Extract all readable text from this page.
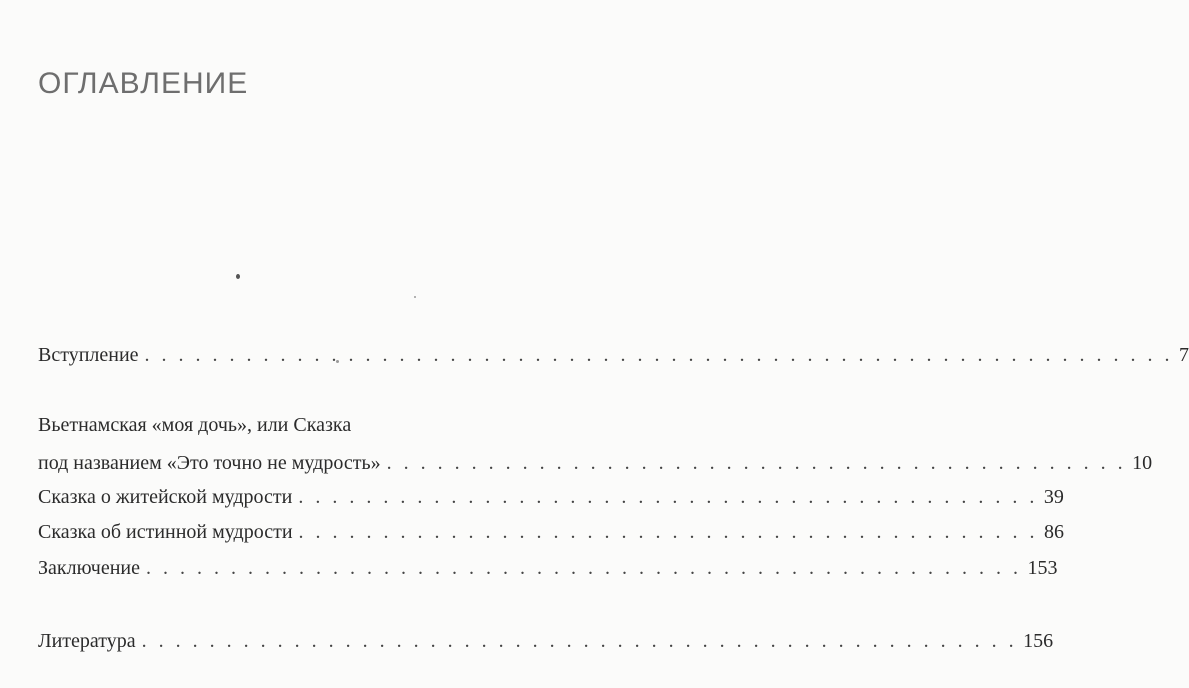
ОГЛАВЛЕНИЕ
Вступление . . . . . . . . . . . . . . . . . . . . . . . . . . . . . . . . . . . . . . . . . . . . . . . . . . . . . . . . . . . . . 7
Вьетнамская «моя дочь», или Сказка
под названием «Это точно не мудрость» . . . . . . . . . . . . . . . . . . . . . . . . . . . . . . . . . . . . . . . . . . . . 10
Сказка о житейской мудрости . . . . . . . . . . . . . . . . . . . . . . . . . . . . . . . . . . . . . . . . . . . . 39
Сказка об истинной мудрости . . . . . . . . . . . . . . . . . . . . . . . . . . . . . . . . . . . . . . . . . . . . 86
Заключение . . . . . . . . . . . . . . . . . . . . . . . . . . . . . . . . . . . . . . . . . . . . . . . . . . . . 153
Литература . . . . . . . . . . . . . . . . . . . . . . . . . . . . . . . . . . . . . . . . . . . . . . . . . . . . 156
